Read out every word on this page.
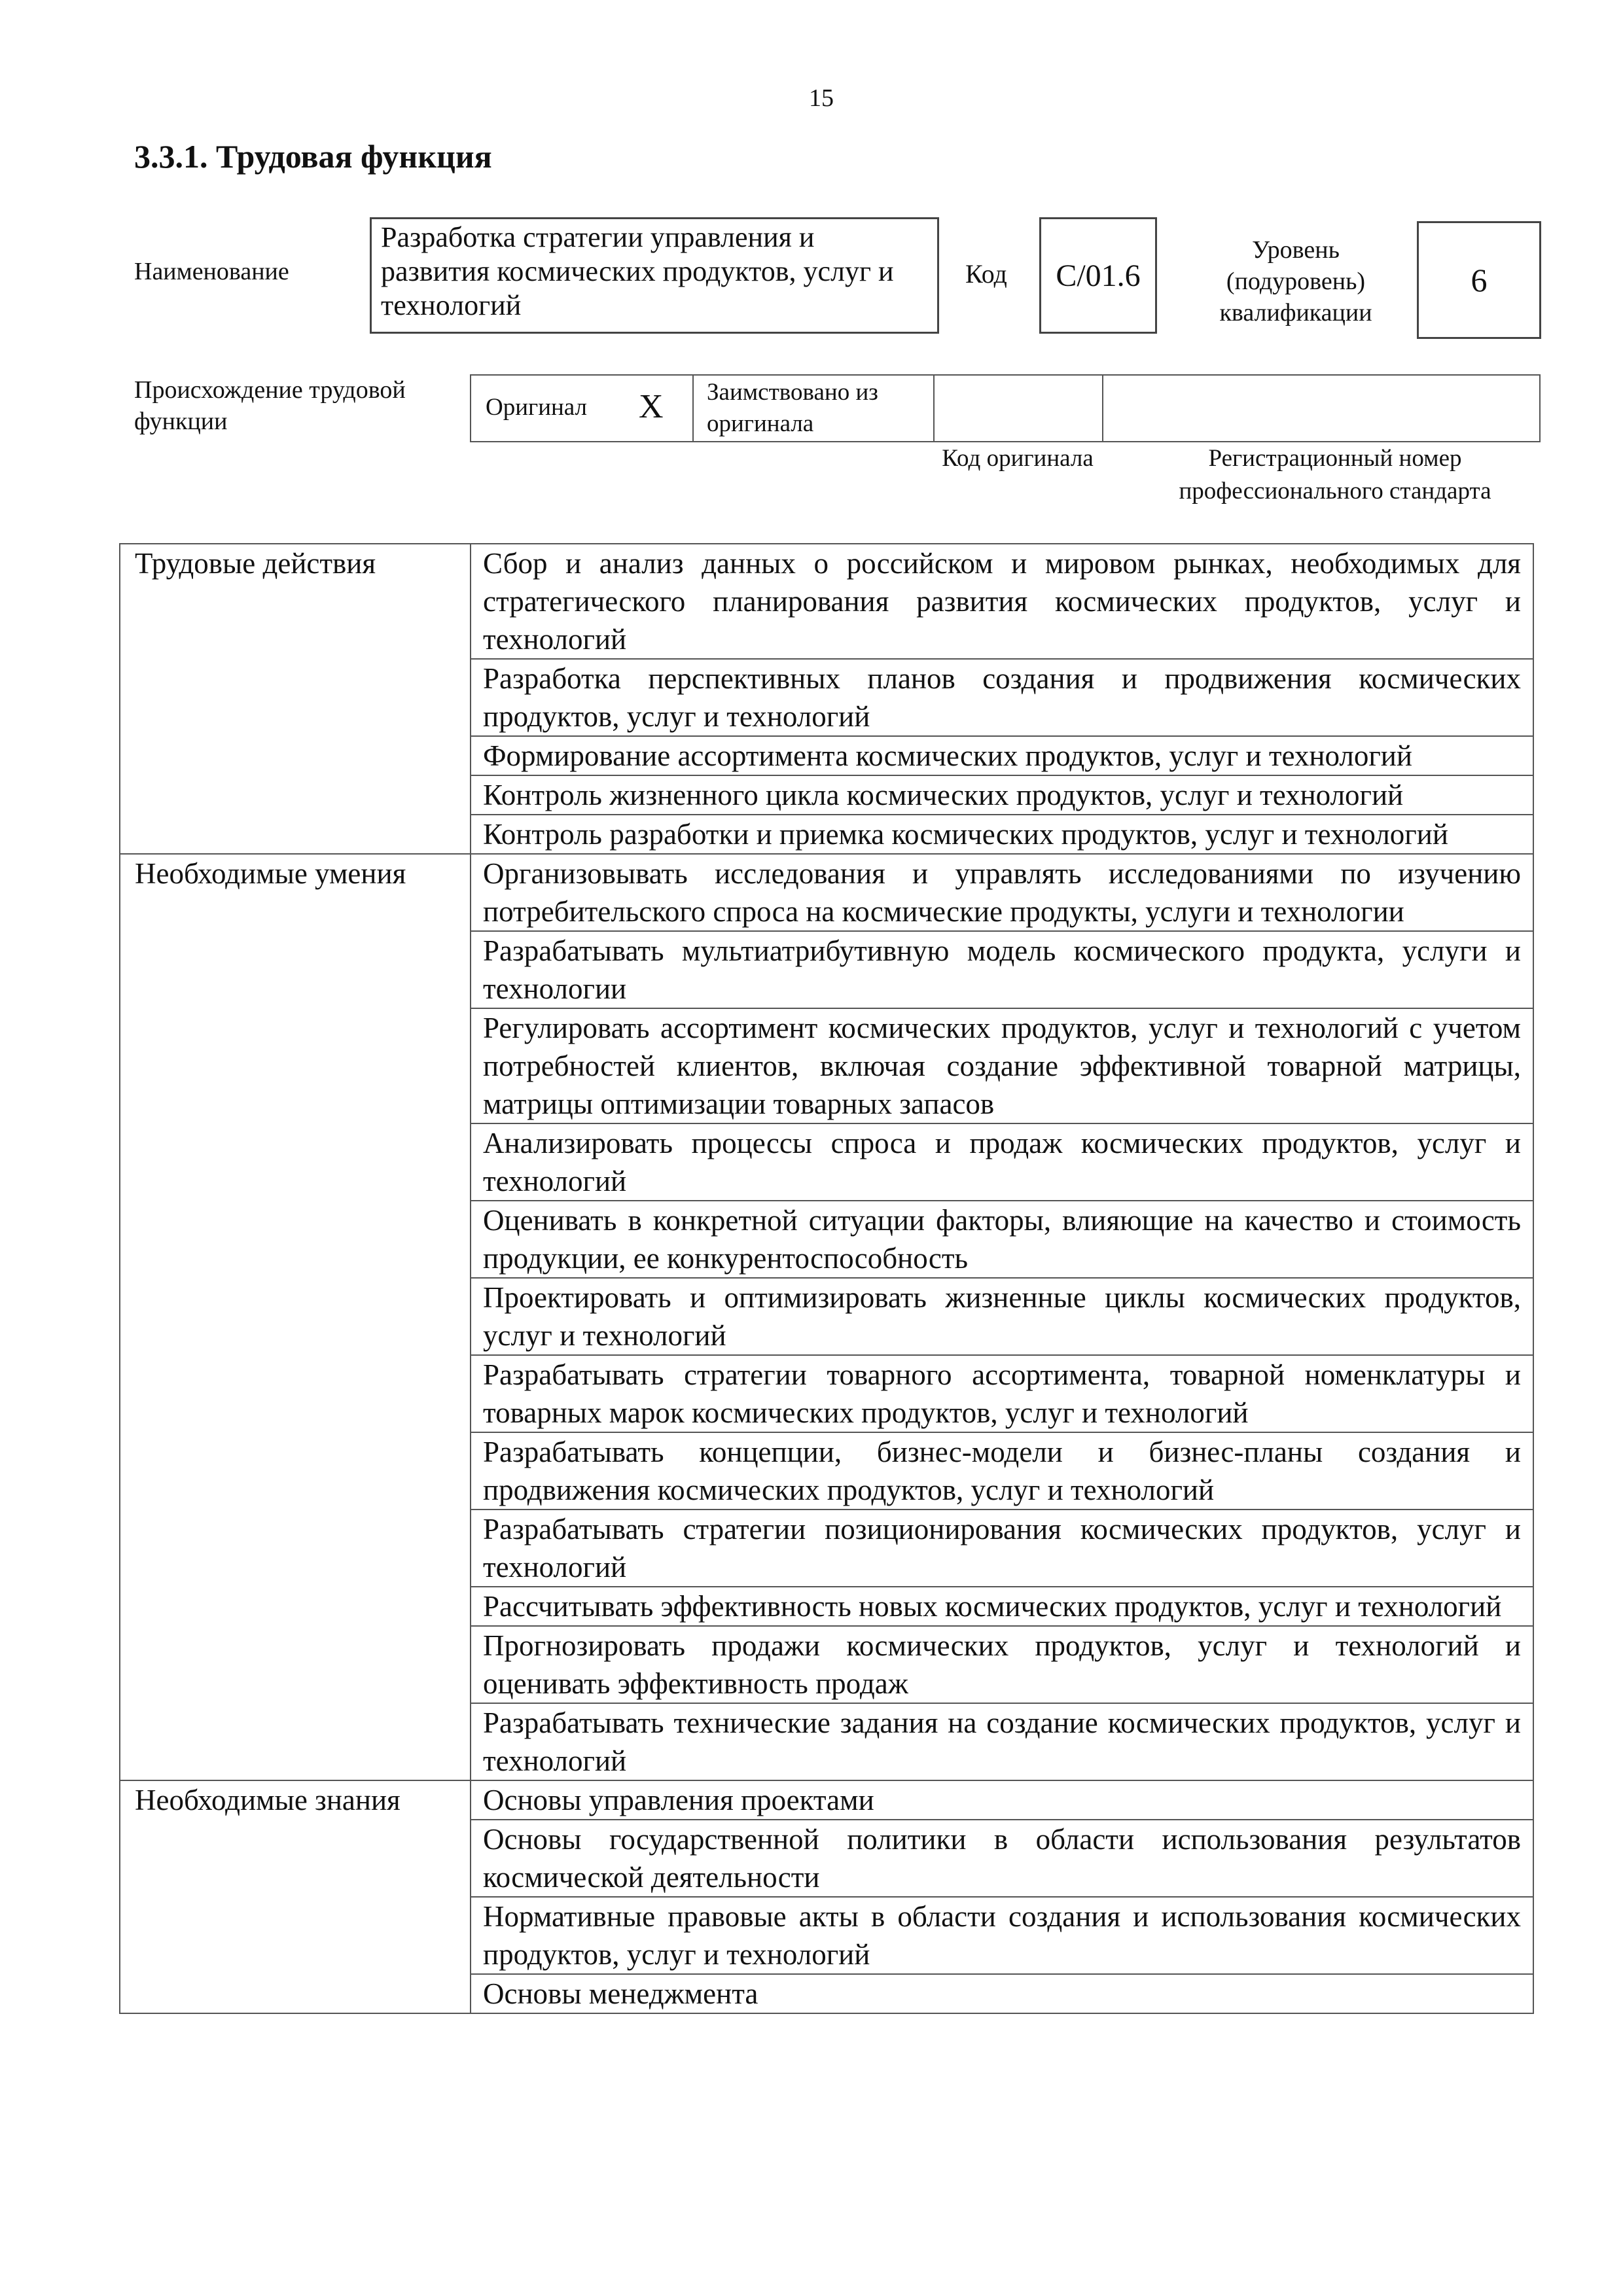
15
3.3.1. Трудовая функция
Наименование
Разработка стратегии управления и развития космических продуктов, услуг и технологий
Код C/01.6
Уровень (подуровень) квалификации
6
Происхождение трудовой функции
Оригинал X	Заимствовано из оригинала
Код оригинала	Регистрационный номер профессионального стандарта
Трудовые действия	Сбор и анализ данных о российском и мировом рынках, необходимых для стратегического планирования развития космических продуктов, услуг и технологий
	Разработка перспективных планов создания и продвижения космических продуктов, услуг и технологий
	Формирование ассортимента космических продуктов, услуг и технологий
	Контроль жизненного цикла космических продуктов, услуг и технологий
	Контроль разработки и приемка космических продуктов, услуг и технологий
Необходимые умения	Организовывать исследования и управлять исследованиями по изучению потребительского спроса на космические продукты, услуги и технологии
	Разрабатывать мультиатрибутивную модель космического продукта, услуги и технологии
	Регулировать ассортимент космических продуктов, услуг и технологий с учетом потребностей клиентов, включая создание эффективной товарной матрицы, матрицы оптимизации товарных запасов
	Анализировать процессы спроса и продаж космических продуктов, услуг и технологий
	Оценивать в конкретной ситуации факторы, влияющие на качество и стоимость продукции, ее конкурентоспособность
	Проектировать и оптимизировать жизненные циклы космических продуктов, услуг и технологий
	Разрабатывать стратегии товарного ассортимента, товарной номенклатуры и товарных марок космических продуктов, услуг и технологий
	Разрабатывать концепции, бизнес-модели и бизнес-планы создания и продвижения космических продуктов, услуг и технологий
	Разрабатывать стратегии позиционирования космических продуктов, услуг и технологий
	Рассчитывать эффективность новых космических продуктов, услуг и технологий
	Прогнозировать продажи космических продуктов, услуг и технологий и оценивать эффективность продаж
	Разрабатывать технические задания на создание космических продуктов, услуг и технологий
Необходимые знания	Основы управления проектами
	Основы государственной политики в области использования результатов космической деятельности
	Нормативные правовые акты в области создания и использования космических продуктов, услуг и технологий
	Основы менеджмента
